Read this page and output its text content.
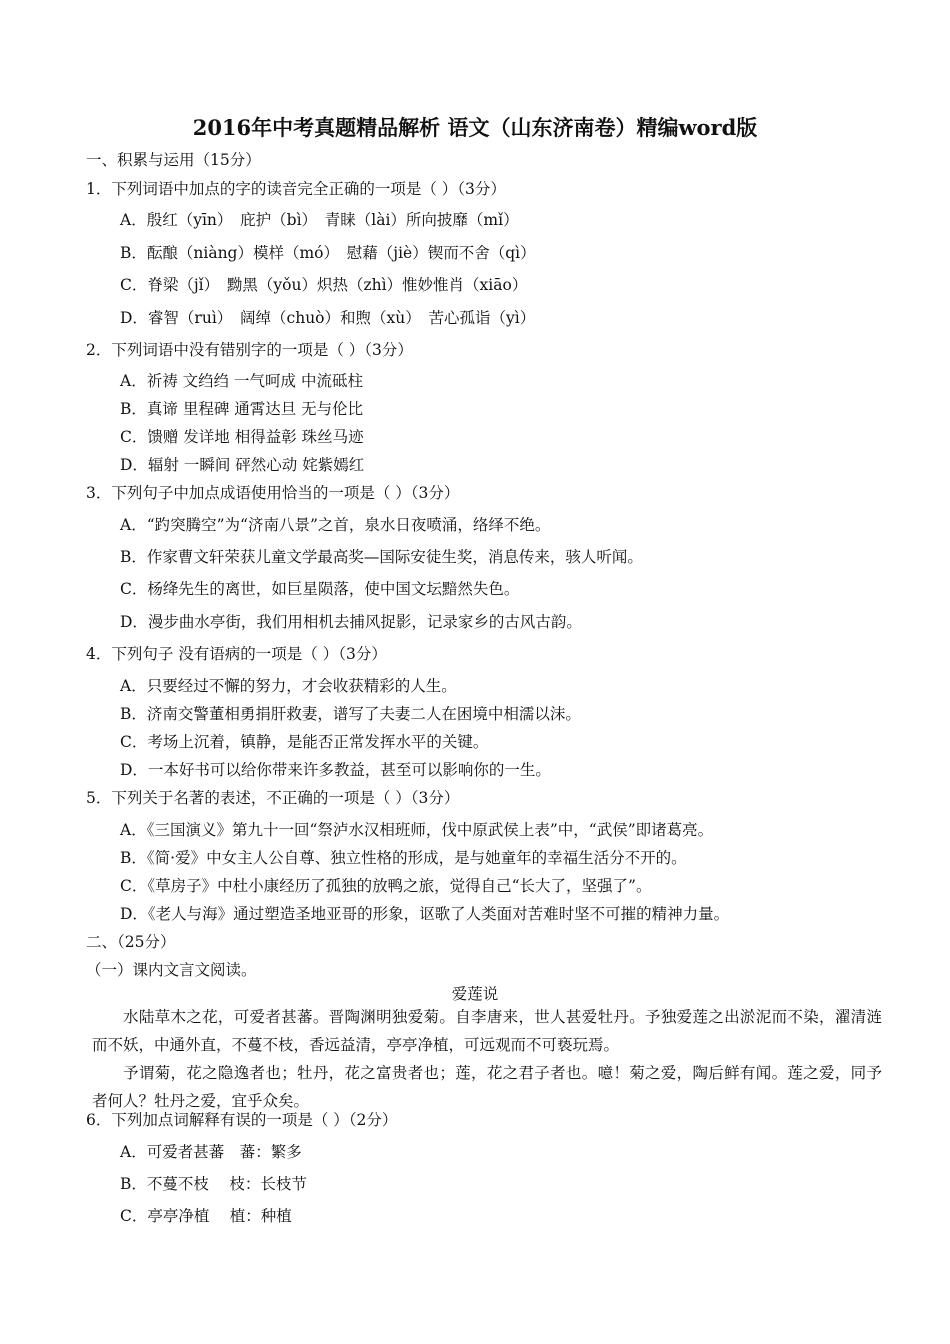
2016年中考真题精品解析 语文（山东济南卷）精编word版
一、积累与运用（15分）
1．下列词语中加点的字的读音完全正确的一项是（ ）（3分）
A．殷红（yīn）　庇护（bì）　青睐（lài）所向披靡（mǐ）
B．酝酿（niàng）模样（mó）　慰藉（jiè）锲而不舍（qì）
C．脊梁（jǐ）　黝黑（yǒu）炽热（zhì）惟妙惟肖（xiāo）
D．睿智（ruì）　阔绰（chuò）和煦（xù）　苦心孤诣（yì）
2．下列词语中没有错别字的一项是（ ）（3分）
A．祈祷 文绉绉 一气呵成 中流砥柱
B．真谛 里程碑 通霄达旦 无与伦比
C．馈赠 发详地 相得益彰 珠丝马迹
D．辐射 一瞬间 砰然心动 姹紫嫣红
3．下列句子中加点成语使用恰当的一项是（ ）（3分）
A．“趵突腾空”为“济南八景”之首，泉水日夜喷涌，络绎不绝。
B．作家曹文轩荣获儿童文学最高奖—国际安徒生奖，消息传来，骇人听闻。
C．杨绛先生的离世，如巨星陨落，使中国文坛黯然失色。
D．漫步曲水亭街，我们用相机去捕风捉影，记录家乡的古风古韵。
4．下列句子 没有语病的一项是（ ）（3分）
A．只要经过不懈的努力，才会收获精彩的人生。
B．济南交警董相勇捐肝救妻，谱写了夫妻二人在困境中相濡以沫。
C．考场上沉着，镇静，是能否正常发挥水平的关键。
D．一本好书可以给你带来许多教益，甚至可以影响你的一生。
5．下列关于名著的表述，不正确的一项是（ ）（3分）
A．《三国演义》第九十一回“祭泸水汉相班师，伐中原武侯上表”中，“武侯”即诸葛亮。
B．《简·爱》中女主人公自尊、独立性格的形成，是与她童年的幸福生活分不开的。
C．《草房子》中杜小康经历了孤独的放鸭之旅，觉得自己“长大了，坚强了”。
D．《老人与海》通过塑造圣地亚哥的形象，讴歌了人类面对苦难时坚不可摧的精神力量。
二、（25分）
（一）课内文言文阅读。
爱莲说
水陆草木之花，可爱者甚蕃。晋陶渊明独爱菊。自李唐来，世人甚爱牡丹。予独爱莲之出淤泥而不染，濯清涟而不妖，中通外直，不蔓不枝，香远益清，亭亭净植，可远观而不可亵玩焉。
予谓菊，花之隐逸者也；牡丹，花之富贵者也；莲，花之君子者也。噫！菊之爱，陶后鲜有闻。莲之爱，同予者何人？牡丹之爱，宜乎众矣。
6．下列加点词解释有误的一项是（ ）（2分）
A．可爱者甚蕃　蕃：繁多
B．不蔓不枝　 枝：长枝节
C．亭亭净植　 植：种植
